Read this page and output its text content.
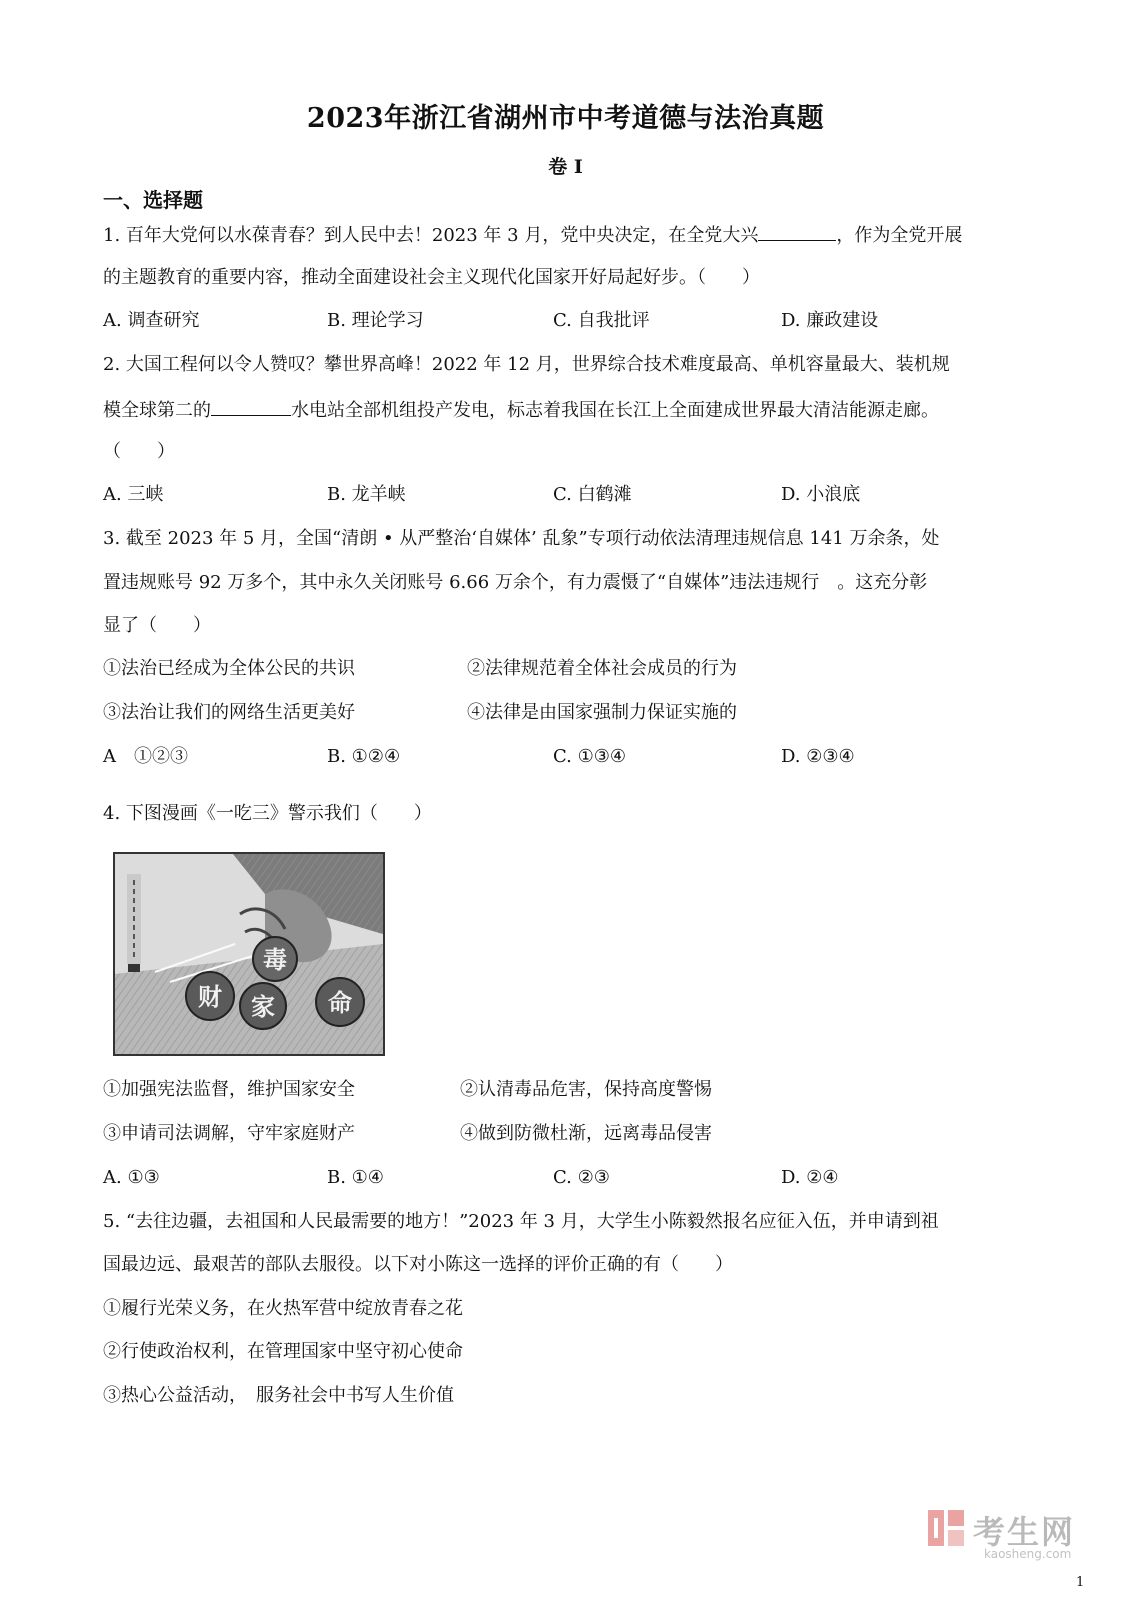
2023年浙江省湖州市中考道德与法治真题
卷 I
一、选择题
1. 百年大党何以水葆青春？到人民中去！2023 年 3 月，党中央决定，在全党大兴	，作为全党开展
的主题教育的重要内容，推动全面建设社会主义现代化国家开好局起好步。（　　）
A. 调查研究	B. 理论学习	C. 自我批评	D. 廉政建设
2. 大国工程何以令人赞叹？攀世界高峰！2022 年 12 月，世界综合技术难度最高、单机容量最大、装机规
模全球第二的	水电站全部机组投产发电，标志着我国在长江上全面建成世界最大清洁能源走廊。
（　　）
A. 三峡	B. 龙羊峡	C. 白鹤滩	D. 小浪底
3. 截至 2023 年 5 月，全国“清朗 • 从严整治‘自媒体’ 乱象”专项行动依法清理违规信息 141 万余条，处
置违规账号 92 万多个，其中永久关闭账号 6.66 万余个，有力震慑了“自媒体”违法违规行　。这充分彰
显了（　　）
①法治已经成为全体公民的共识	②法律规范着全体社会成员的行为
③法治让我们的网络生活更美好	④法律是由国家强制力保证实施的
A　①②③	B. ①②④	C. ①③④	D. ②③④
4. 下图漫画《一吃三》警示我们（　　）
毒
财 家 命
①加强宪法监督，维护国家安全	②认清毒品危害，保持高度警惕
③申请司法调解，守牢家庭财产	④做到防微杜渐，远离毒品侵害
A. ①③	B. ①④	C. ②③	D. ②④
5. “去往边疆，去祖国和人民最需要的地方！”2023 年 3 月，大学生小陈毅然报名应征入伍，并申请到祖
国最边远、最艰苦的部队去服役。以下对小陈这一选择的评价正确的有（　　）
①履行光荣义务，在火热军营中绽放青春之花
②行使政治权利，在管理国家中坚守初心使命
③热心公益活动，　服务社会中书写人生价值
考生网
kaosheng.com
1
